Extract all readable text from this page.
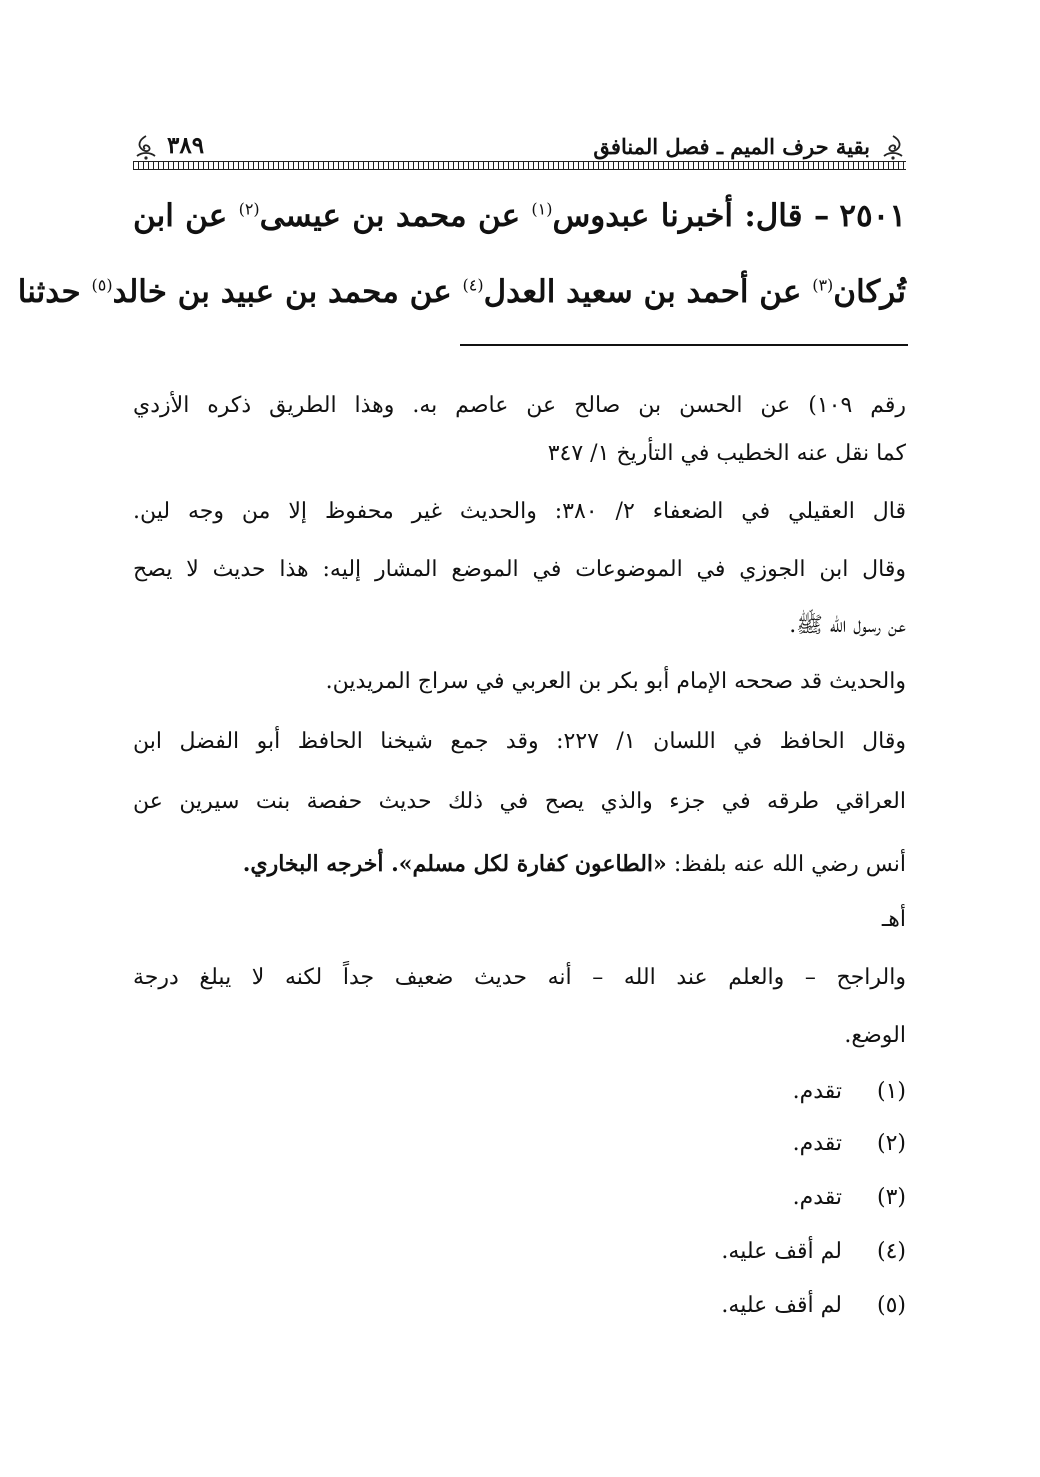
بقية حرف الميم ـ فصل المنافق
٣٨٩
٢٥٠١– قال: أخبرنا عبدوس$^{(١)}$ عن محمد بن عيسى$^{(٢)}$ عن ابن
تُركان$^{(٣)}$ عن أحمد بن سعيد العدل$^{(٤)}$ عن محمد بن عبيد بن خالد$^{(٥)}$ حدثنا
رقم ١٠٩) عن الحسن بن صالح عن عاصم به. وهذا الطريق ذكره الأزدي
كما نقل عنه الخطيب في التأريخ ١/ ٣٤٧
قال العقيلي في الضعفاء ٢/ ٣٨٠: والحديث غير محفوظ إلا من وجه لين.
وقال ابن الجوزي في الموضوعات في الموضع المشار إليه: هذا حديث لا يصح
عن رسول الله ﷺ.
والحديث قد صححه الإمام أبو بكر بن العربي في سراج المريدين.
وقال الحافظ في اللسان ١/ ٢٢٧: وقد جمع شيخنا الحافظ أبو الفضل ابن
العراقي طرقه في جزء والذي يصح في ذلك حديث حفصة بنت سيرين عن
أنس رضي الله عنه بلفظ: «الطاعون كفارة لكل مسلم». أخرجه البخاري.
أهـ
والراجح – والعلم عند الله – أنه حديث ضعيف جداً لكنه لا يبلغ درجة
الوضع.
(١)تقدم.
(٢)تقدم.
(٣)تقدم.
(٤)لم أقف عليه.
(٥)لم أقف عليه.
